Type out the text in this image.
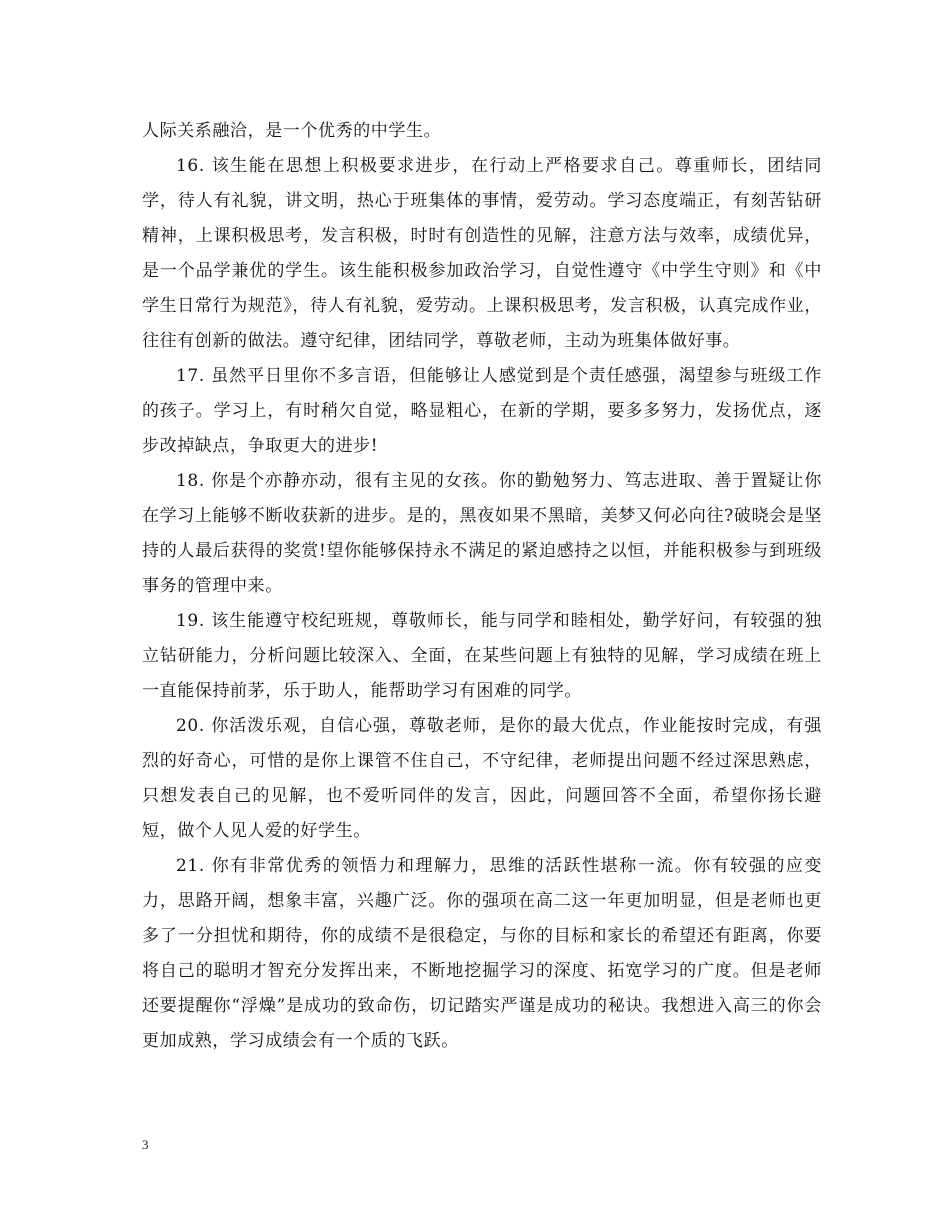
人际关系融洽，是一个优秀的中学生。

16. 该生能在思想上积极要求进步，在行动上严格要求自己。尊重师长，团结同学，待人有礼貌，讲文明，热心于班集体的事情，爱劳动。学习态度端正，有刻苦钻研精神，上课积极思考，发言积极，时时有创造性的见解，注意方法与效率，成绩优异，是一个品学兼优的学生。该生能积极参加政治学习，自觉性遵守《中学生守则》和《中学生日常行为规范》，待人有礼貌，爱劳动。上课积极思考，发言积极，认真完成作业，往往有创新的做法。遵守纪律，团结同学，尊敬老师，主动为班集体做好事。

17. 虽然平日里你不多言语，但能够让人感觉到是个责任感强，渴望参与班级工作的孩子。学习上，有时稍欠自觉，略显粗心，在新的学期，要多多努力，发扬优点，逐步改掉缺点，争取更大的进步!

18. 你是个亦静亦动，很有主见的女孩。你的勤勉努力、笃志进取、善于置疑让你在学习上能够不断收获新的进步。是的，黑夜如果不黑暗，美梦又何必向往?破晓会是坚持的人最后获得的奖赏!望你能够保持永不满足的紧迫感持之以恒，并能积极参与到班级事务的管理中来。

19. 该生能遵守校纪班规，尊敬师长，能与同学和睦相处，勤学好问，有较强的独立钻研能力，分析问题比较深入、全面，在某些问题上有独特的见解，学习成绩在班上一直能保持前茅，乐于助人，能帮助学习有困难的同学。

20. 你活泼乐观，自信心强，尊敬老师，是你的最大优点，作业能按时完成，有强烈的好奇心，可惜的是你上课管不住自己，不守纪律，老师提出问题不经过深思熟虑，只想发表自己的见解，也不爱听同伴的发言，因此，问题回答不全面，希望你扬长避短，做个人见人爱的好学生。

21. 你有非常优秀的领悟力和理解力，思维的活跃性堪称一流。你有较强的应变力，思路开阔，想象丰富，兴趣广泛。你的强项在高二这一年更加明显，但是老师也更多了一分担忧和期待，你的成绩不是很稳定，与你的目标和家长的希望还有距离，你要将自己的聪明才智充分发挥出来，不断地挖掘学习的深度、拓宽学习的广度。但是老师还要提醒你“浮燥”是成功的致命伤，切记踏实严谨是成功的秘诀。我想进入高三的你会更加成熟，学习成绩会有一个质的飞跃。

3
